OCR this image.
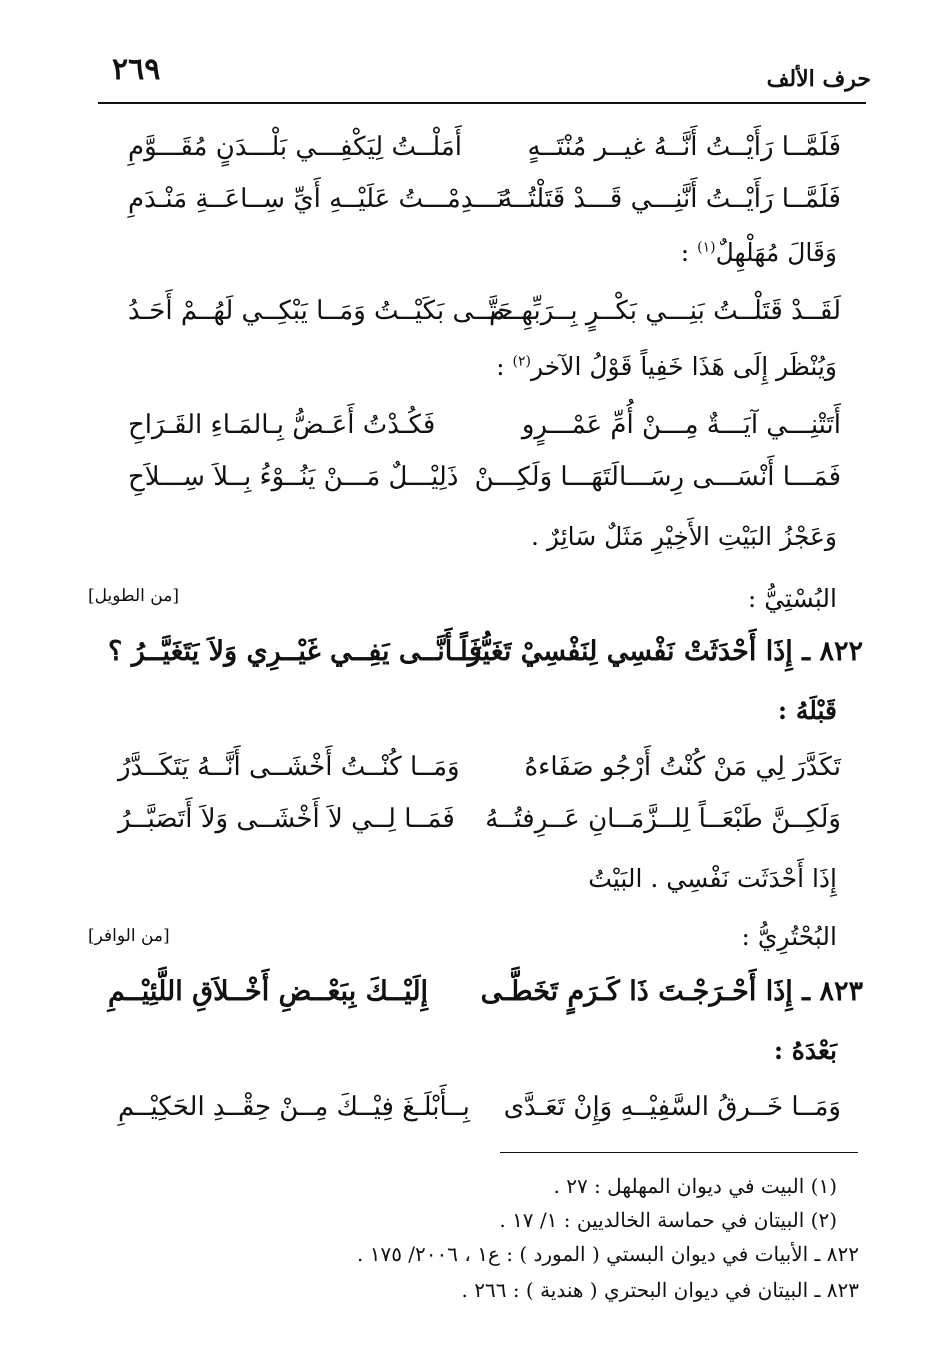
حرف الألف
٢٦٩
فَلَمَّــا رَأَيْــتُ أَنَّــهُ غيــر مُنْتَــهٍ
أَمَلْــتُ لِيَكْفِـــي بَلْـــدَنٍ مُقَـــوَّمِ
فَلَمَّــا رَأَيْــتُ أَنَّنِـــي قَـــدْ قَتَلْتُــهُ
نَـــدِمْـــتُ عَلَيْــهِ أَيِّ سِــاعَــةِ مَنْـدَمِ
وَقَالَ مُهَلْهِلٌ$^{(١)}$ :
لَقَــدْ قَتَلْــتُ بَنِـــي بَكْــرٍ بِــرَبِّهِــم
حَتَّــى بَكَيْــتُ وَمَــا يَبْكِــي لَهُــمْ أَحَـدُ
وَيُنْظَر إِلَى هَذَا خَفِياً قَوْلُ الآخر$^{(٢)}$ :
أَتَتْنِـــي آيَـــةٌ مِـــنْ أُمِّ عَمْـــرٍو
فَكُـدْتُ أَعَـضُّ بِـالمَـاءِ القَـرَاحِ
فَمَـــا أَنْسَـــى رِسَـــالَتَهَـــا وَلَكِـــنْ
ذَلِيْـــلٌ مَـــنْ يَنُــوْءُ بِــلاَ سِـــلاَحِ
وَعَجْزُ البَيْتِ الأَخِيْرِ مَثَلٌ سَائِرٌ .
البُسْتِيُّ :
[من الطويل]
٨٢٢ ـ إِذَا أَحْدَثَتْ نَفْسِي لِنَفْسِيْ تَغَيُّرَاً
فَــأَنَّــى يَفِــي غَيْــرِي وَلاَ يَتَغَيَّــرُ ؟
قَبْلَهُ :
تَكَدَّرَ لِي مَنْ كُنْتُ أَرْجُو صَفَاءهُ
وَمَــا كُنْــتُ أَخْشَــى أَنَّــهُ يَتَكَــدَّرُ
وَلَكِــنَّ طَبْعَــاً لِلــزَّمَــانِ عَــرِفتُــهُ
فَمَــا لِــي لاَ أَخْشَــى وَلاَ أَتَصَبَّــرُ
إِذَا أَحْدَثَت نَفْسِي . البَيْتُ
البُحْتُرِيُّ :
[من الوافر]
٨٢٣ ـ إِذَا أَحْـرَجْـتَ ذَا كَـرَمٍ تَخَطَّـى
إِلَيْــكَ بِبَعْــضِ أَخْــلاَقِ اللَّئِيْــمِ
بَعْدَهُ :
وَمَــا خَــرقُ السَّفِيْــهِ وَإِنْ تَعَـدَّى
بِــأَبْلَـغَ فِيْــكَ مِــنْ حِقْــدِ الحَكِيْــمِ
(١) البيت في ديوان المهلهل : ٢٧ .
(٢) البيتان في حماسة الخالديين : ١/ ١٧ .
٨٢٢ ـ الأبيات في ديوان البستي ( المورد ) : ع١ ، ٢٠٠٦/ ١٧٥ .
٨٢٣ ـ البيتان في ديوان البحتري ( هندية ) : ٢٦٦ .
